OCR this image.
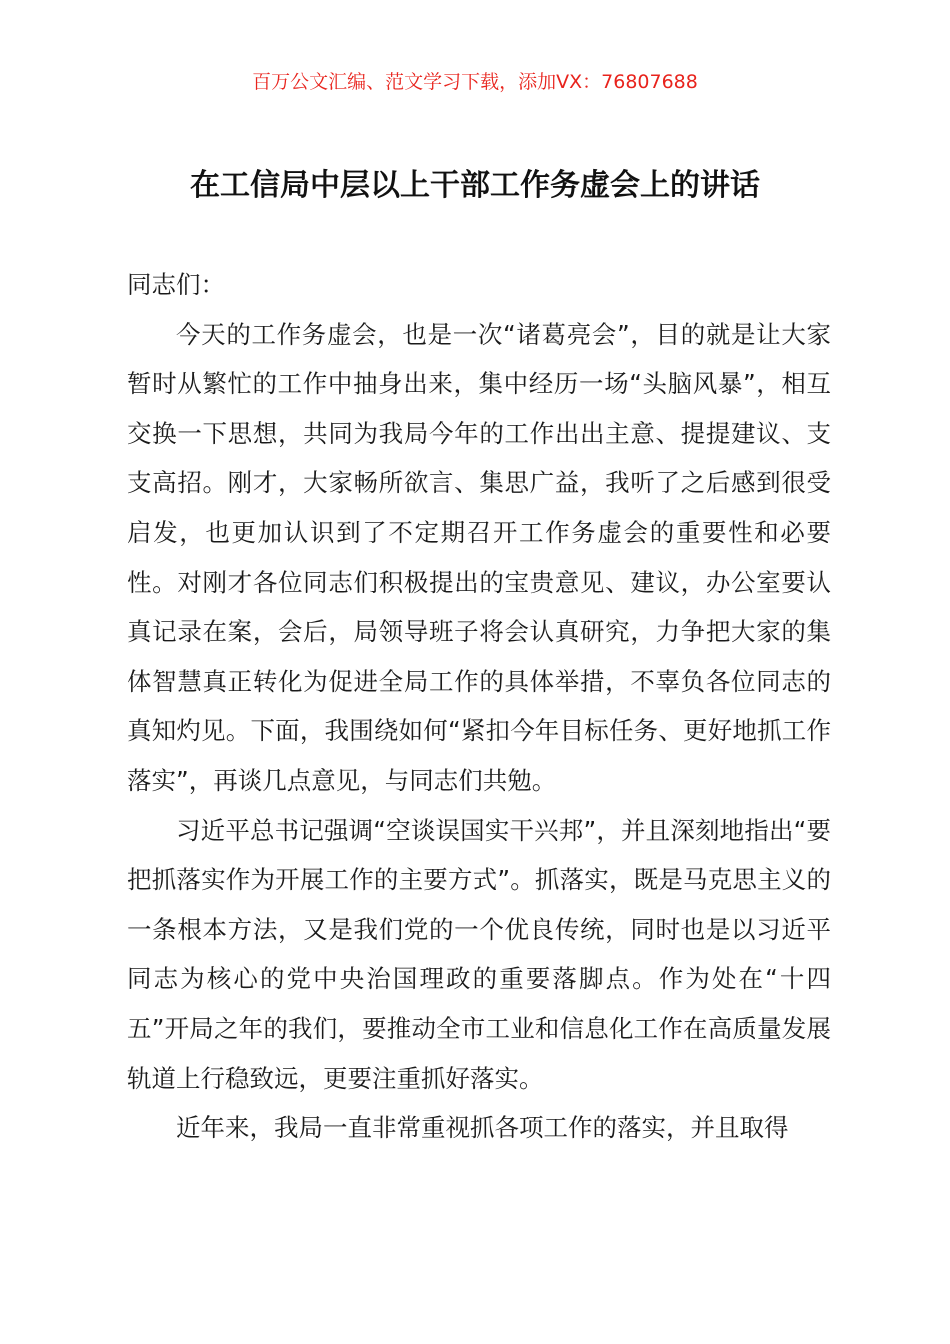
百万公文汇编、范文学习下载，添加VX：76807688
在工信局中层以上干部工作务虚会上的讲话

同志们：

今天的工作务虚会，也是一次“诸葛亮会”，目的就是让大家暂时从繁忙的工作中抽身出来，集中经历一场“头脑风暴”，相互交换一下思想，共同为我局今年的工作出出主意、提提建议、支支高招。刚才，大家畅所欲言、集思广益，我听了之后感到很受启发，也更加认识到了不定期召开工作务虚会的重要性和必要性。对刚才各位同志们积极提出的宝贵意见、建议，办公室要认真记录在案，会后，局领导班子将会认真研究，力争把大家的集体智慧真正转化为促进全局工作的具体举措，不辜负各位同志的真知灼见。下面，我围绕如何“紧扣今年目标任务、更好地抓工作落实”，再谈几点意见，与同志们共勉。

习近平总书记强调“空谈误国实干兴邦”，并且深刻地指出“要把抓落实作为开展工作的主要方式”。抓落实，既是马克思主义的一条根本方法，又是我们党的一个优良传统，同时也是以习近平同志为核心的党中央治国理政的重要落脚点。作为处在“十四五”开局之年的我们，要推动全市工业和信息化工作在高质量发展轨道上行稳致远，更要注重抓好落实。

近年来，我局一直非常重视抓各项工作的落实，并且取得
